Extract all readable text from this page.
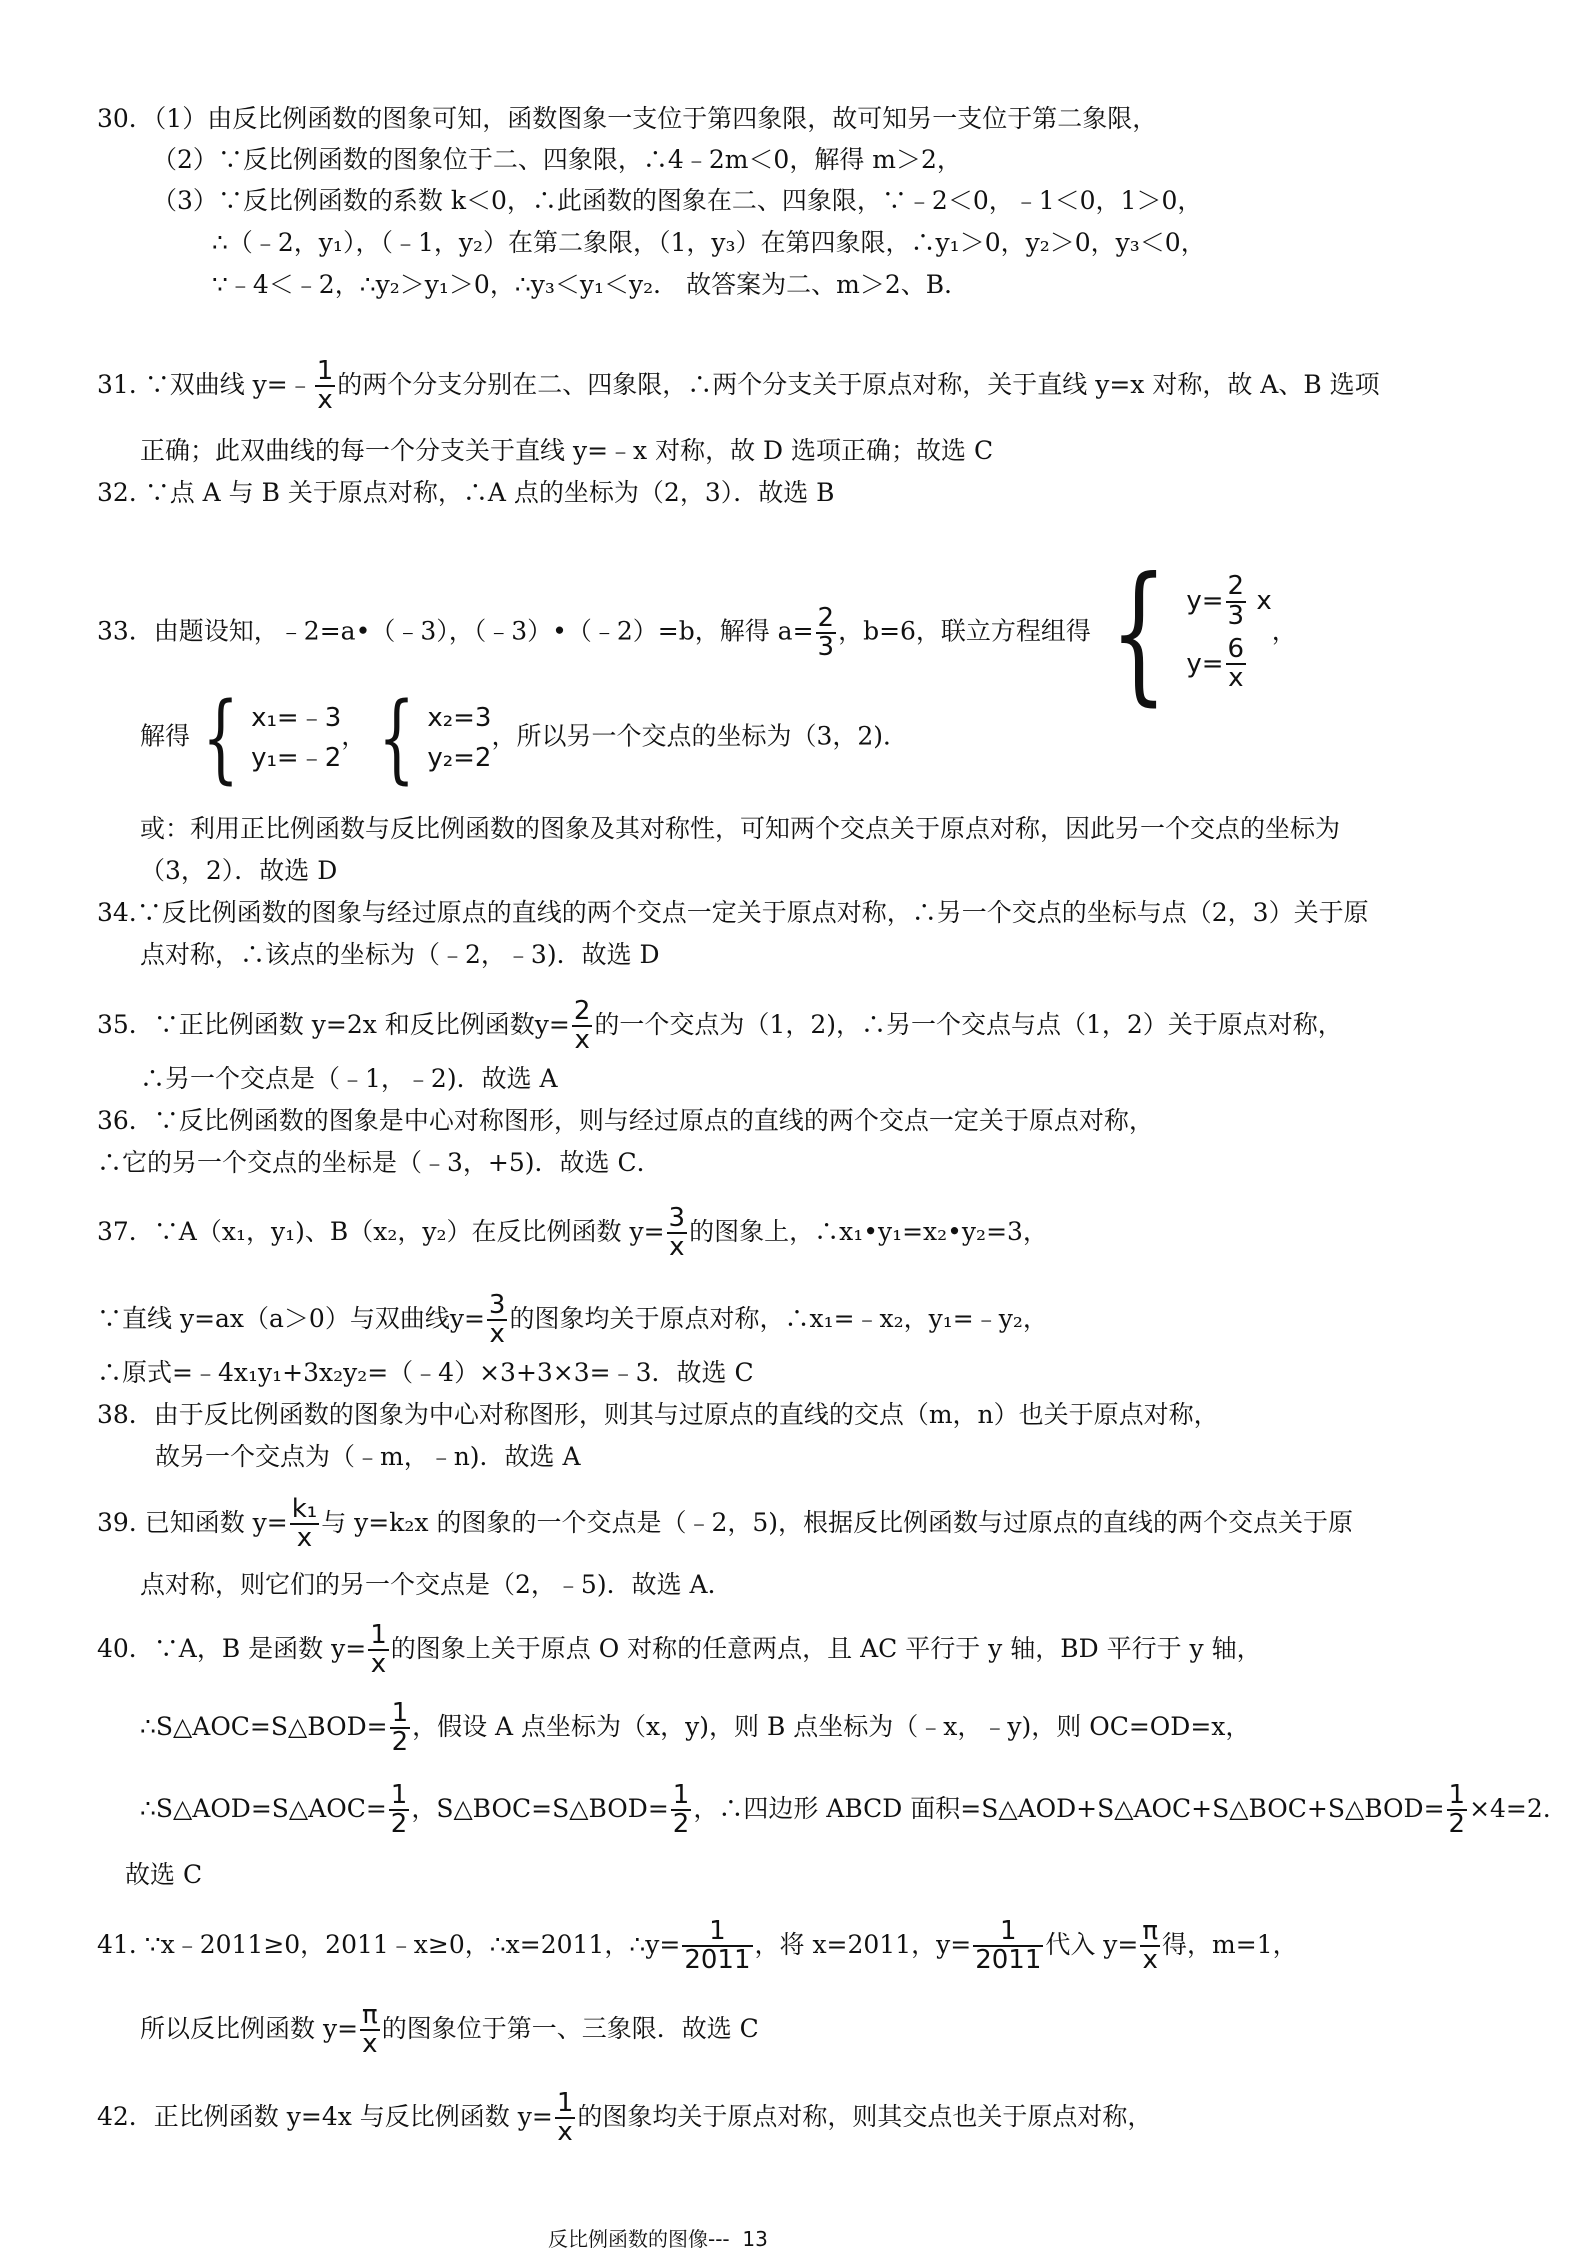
30．（1）由反比例函数的图象可知，函数图象一支位于第四象限，故可知另一支位于第二象限，
（2）∵反比例函数的图象位于二、四象限，∴4﹣2m＜0，解得 m＞2，
（3）∵反比例函数的系数 k＜0，∴此函数的图象在二、四象限，∵﹣2＜0，﹣1＜0，1＞0，
∴（﹣2，y₁），（﹣1，y₂）在第二象限，（1，y₃）在第四象限，∴y₁＞0，y₂＞0，y₃＜0，
∵﹣4＜﹣2，∴y₂＞y₁＞0，∴y₃＜y₁＜y₂． 故答案为二、m＞2、B．
31. ∵双曲线 y=﹣ $\frac{1}{x}$ 的两个分支分别在二、四象限，∴两个分支关于原点对称，关于直线 y=x 对称，故 A、B 选项
正确；此双曲线的每一个分支关于直线 y=﹣x 对称，故 D 选项正确；故选 C
32. ∵点 A 与 B 关于原点对称，∴A 点的坐标为（2，3）．故选 B
33．由题设知，﹣2=a•（﹣3），（﹣3）•（﹣2）=b，解得 $a= \frac{2}{3}$ ，b=6，联立方程组得 { $y= \frac{2}{3}$ x
$y= \frac{6}{x}$
，
解得 { x₁=﹣3
y₁=﹣2
， { x₂=3
y₂=2
，所以另一个交点的坐标为（3，2)．
或：利用正比例函数与反比例函数的图象及其对称性，可知两个交点关于原点对称，因此另一个交点的坐标为
（3，2）．故选 D
34.∵反比例函数的图象与经过原点的直线的两个交点一定关于原点对称，∴另一个交点的坐标与点（2，3）关于原
点对称，∴该点的坐标为（﹣2，﹣3)．故选 D
35．∵正比例函数 y=2x 和反比例函数$y= \frac{2}{x}$ 的一个交点为（1，2)，∴另一个交点与点（1，2）关于原点对称，
∴另一个交点是（﹣1，﹣2)．故选 A
36．∵反比例函数的图象是中心对称图形，则与经过原点的直线的两个交点一定关于原点对称，
∴它的另一个交点的坐标是（﹣3，+5)．故选 C．
37．∵A（x₁，y₁)、B（x₂，y₂）在反比例函数 $y= \frac{3}{x}$ 的图象上，∴x₁•y₁=x₂•y₂=3，
∵直线 y=ax（a＞0）与双曲线$y= \frac{3}{x}$ 的图象均关于原点对称，∴x₁=﹣x₂，y₁=﹣y₂，
∴原式=﹣4x₁y₁+3x₂y₂=（﹣4）×3+3×3=﹣3．故选 C
38．由于反比例函数的图象为中心对称图形，则其与过原点的直线的交点（m，n）也关于原点对称，
故另一个交点为（﹣m，﹣n)．故选 A
39. 已知函数 $y= \frac{\text{k₁}}{x}$ 与 y=k₂x 的图象的一个交点是（﹣2，5)，根据反比例函数与过原点的直线的两个交点关于原
点对称，则它们的另一个交点是（2，﹣5)．故选 A．
40．∵A，B 是函数 $y= \frac{1}{x}$ 的图象上关于原点 O 对称的任意两点，且 AC 平行于 y 轴，BD 平行于 y 轴，
∴S△AOC=S△BOD= $\frac{1}{2}$ ，假设 A 点坐标为（x，y)，则 B 点坐标为（﹣x，﹣y)，则 OC=OD=x，
∴S△AOD=S△AOC= $\frac{1}{2}$ ，S△BOC=S△BOD= $\frac{1}{2}$ ，∴四边形 ABCD 面积=S△AOD+S△AOC+S△BOC+S△BOD= $\frac{1}{2} \times 4=2$.
故选 C
41. ∵x﹣2011≥0，2011﹣x≥0，∴x=2011，∴y= $\frac{1}{2011}$ ，将 x=2011，$y= \frac{1}{2011}$ 代入 $y= \frac{\pi}{x}$ 得，m=1，
所以反比例函数 $y= \frac{\pi}{x}$ 的图象位于第一、三象限．故选 C
42．正比例函数 y=4x 与反比例函数 $y= \frac{1}{x}$ 的图象均关于原点对称，则其交点也关于原点对称，
反比例函数的图像--- 13
